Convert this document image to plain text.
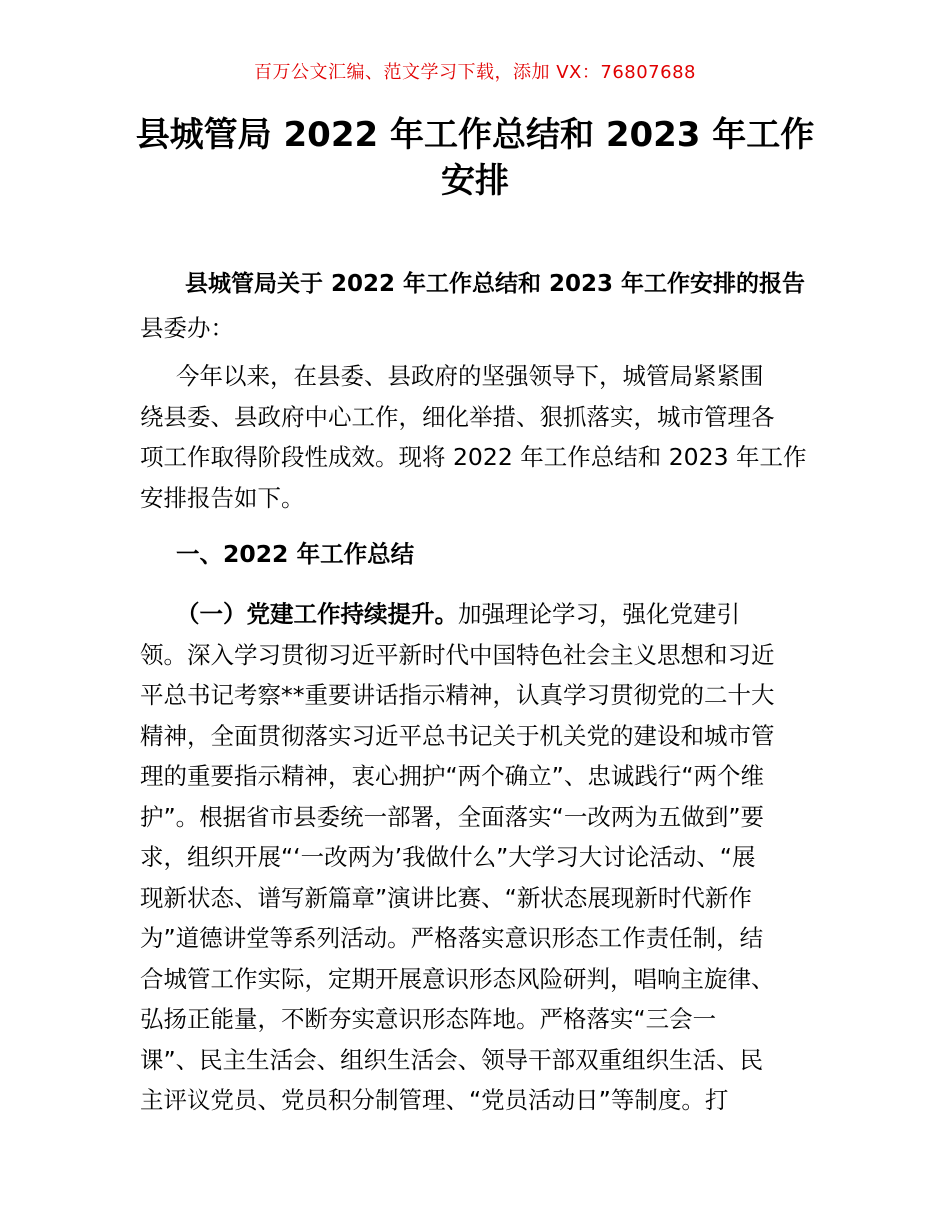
百万公文汇编、范文学习下载，添加 VX：76807688
县城管局 2022 年工作总结和 2023 年工作
安排
县城管局关于 2022 年工作总结和 2023 年工作安排的报告
县委办：
今年以来，在县委、县政府的坚强领导下，城管局紧紧围
绕县委、县政府中心工作，细化举措、狠抓落实，城市管理各
项工作取得阶段性成效。现将 2022 年工作总结和 2023 年工作
安排报告如下。
一、2022 年工作总结
（一）党建工作持续提升。加强理论学习，强化党建引
领。深入学习贯彻习近平新时代中国特色社会主义思想和习近
平总书记考察**重要讲话指示精神，认真学习贯彻党的二十大
精神，全面贯彻落实习近平总书记关于机关党的建设和城市管
理的重要指示精神，衷心拥护“两个确立”、忠诚践行“两个维
护”。根据省市县委统一部署，全面落实“一改两为五做到”要
求，组织开展“‘一改两为’我做什么”大学习大讨论活动、“展
现新状态、谱写新篇章”演讲比赛、“新状态展现新时代新作
为”道德讲堂等系列活动。严格落实意识形态工作责任制，结
合城管工作实际，定期开展意识形态风险研判，唱响主旋律、
弘扬正能量，不断夯实意识形态阵地。严格落实“三会一
课”、民主生活会、组织生活会、领导干部双重组织生活、民
主评议党员、党员积分制管理、“党员活动日”等制度。打
